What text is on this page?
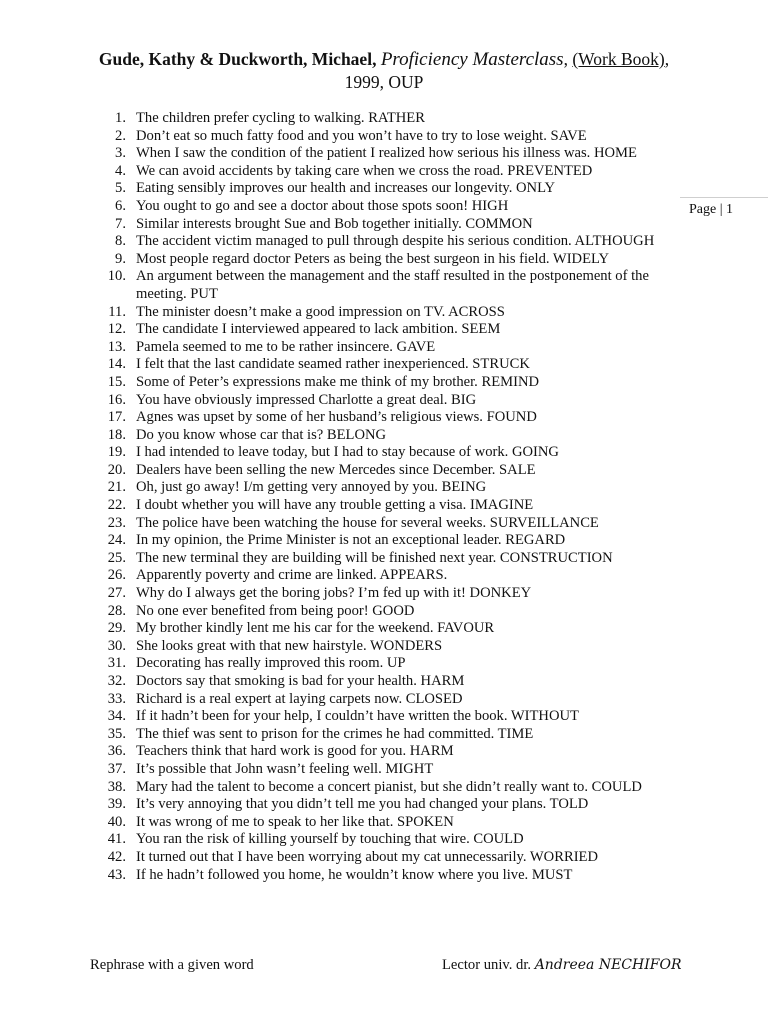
Gude, Kathy & Duckworth, Michael, Proficiency Masterclass, (Work Book),
1999, OUP
Page | 1
1. The children prefer cycling to walking. RATHER
2. Don’t eat so much fatty food and you won’t have to try to lose weight. SAVE
3. When I saw the condition of the patient I realized how serious his illness was. HOME
4. We can avoid accidents by taking care when we cross the road. PREVENTED
5. Eating sensibly improves our health and increases our longevity. ONLY
6. You ought to go and see a doctor about those spots soon! HIGH
7. Similar interests brought Sue and Bob together initially. COMMON
8. The accident victim managed to pull through despite his serious condition. ALTHOUGH
9. Most people regard doctor Peters as being the best surgeon in his field. WIDELY
10. An argument between the management and the staff resulted in the postponement of the meeting. PUT
11. The minister doesn’t make a good impression on TV. ACROSS
12. The candidate I interviewed appeared to lack ambition. SEEM
13. Pamela seemed to me to be rather insincere. GAVE
14. I felt that the last candidate seamed rather inexperienced. STRUCK
15. Some of Peter’s expressions make me think of my brother. REMIND
16. You have obviously impressed Charlotte a great deal. BIG
17. Agnes was upset by some of her husband’s religious views. FOUND
18. Do you know whose car that is? BELONG
19. I had intended to leave today, but I had to stay because of work. GOING
20. Dealers have been selling the new Mercedes since December. SALE
21. Oh, just go away! I/m getting very annoyed by you. BEING
22. I doubt whether you will have any trouble getting a visa. IMAGINE
23. The police have been watching the house for several weeks. SURVEILLANCE
24. In my opinion, the Prime Minister is not an exceptional leader. REGARD
25. The new terminal they are building will be finished next year. CONSTRUCTION
26. Apparently poverty and crime are linked. APPEARS.
27. Why do I always get the boring jobs? I’m fed up with it! DONKEY
28. No one ever benefited from being poor! GOOD
29. My brother kindly lent me his car for the weekend. FAVOUR
30. She looks great with that new hairstyle. WONDERS
31. Decorating has really improved this room. UP
32. Doctors say that smoking is bad for your health. HARM
33. Richard is a real expert at laying carpets now. CLOSED
34. If it hadn’t been for your help, I couldn’t have written the book. WITHOUT
35. The thief was sent to prison for the crimes he had committed. TIME
36. Teachers think that hard work is good for you. HARM
37. It’s possible that John wasn’t feeling well. MIGHT
38. Mary had the talent to become a concert pianist, but she didn’t really want to. COULD
39. It’s very annoying that you didn’t tell me you had changed your plans. TOLD
40. It was wrong of me to speak to her like that. SPOKEN
41. You ran the risk of killing yourself by touching that wire. COULD
42. It turned out that I have been worrying about my cat unnecessarily. WORRIED
43. If he hadn’t followed you home, he wouldn’t know where you live. MUST
Rephrase with a given word	Lector univ. dr. Andreea NECHIFOR
